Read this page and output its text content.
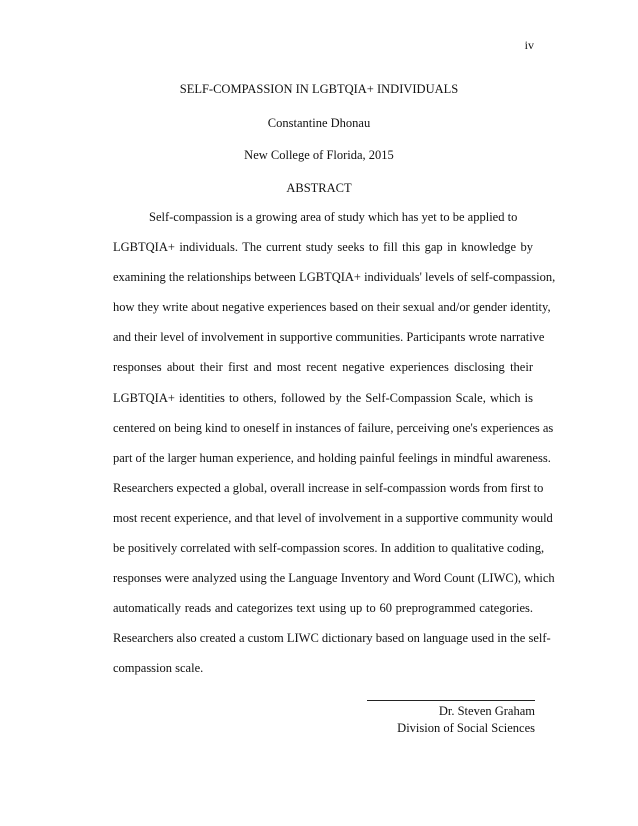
iv
SELF-COMPASSION IN LGBTQIA+ INDIVIDUALS
Constantine Dhonau
New College of Florida, 2015
ABSTRACT
Self-compassion is a growing area of study which has yet to be applied to
LGBTQIA+ individuals. The current study seeks to fill this gap in knowledge by
examining the relationships between LGBTQIA+ individuals' levels of self-compassion,
how they write about negative experiences based on their sexual and/or gender identity,
and their level of involvement in supportive communities. Participants wrote narrative
responses about their first and most recent negative experiences disclosing their
LGBTQIA+ identities to others, followed by the Self-Compassion Scale, which is
centered on being kind to oneself in instances of failure, perceiving one's experiences as
part of the larger human experience, and holding painful feelings in mindful awareness.
Researchers expected a global, overall increase in self-compassion words from first to
most recent experience, and that level of involvement in a supportive community would
be positively correlated with self-compassion scores. In addition to qualitative coding,
responses were analyzed using the Language Inventory and Word Count (LIWC), which
automatically reads and categorizes text using up to 60 preprogrammed categories.
Researchers also created a custom LIWC dictionary based on language used in the self-
compassion scale.
Dr. Steven Graham
Division of Social Sciences
